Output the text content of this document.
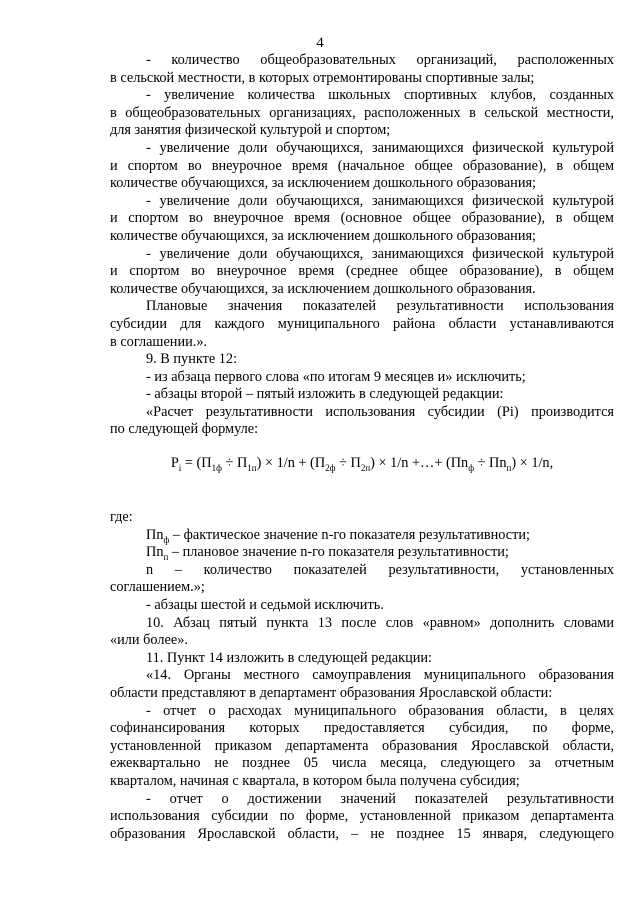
4
- количество общеобразовательных организаций, расположенных
в сельской местности, в которых отремонтированы спортивные залы;
- увеличение количества школьных спортивных клубов, созданных
в общеобразовательных организациях, расположенных в сельской местности,
для занятия физической культурой и спортом;
- увеличение доли обучающихся, занимающихся физической культурой
и спортом во внеурочное время (начальное общее образование), в общем
количестве обучающихся, за исключением дошкольного образования;
- увеличение доли обучающихся, занимающихся физической культурой
и спортом во внеурочное время (основное общее образование), в общем
количестве обучающихся, за исключением дошкольного образования;
- увеличение доли обучающихся, занимающихся физической культурой
и спортом во внеурочное время (среднее общее образование), в общем
количестве обучающихся, за исключением дошкольного образования.
Плановые значения показателей результативности использования
субсидии для каждого муниципального района области устанавливаются
в соглашении.».
9. В пункте 12:
- из абзаца первого слова «по итогам 9 месяцев и» исключить;
- абзацы второй – пятый изложить в следующей редакции:
«Расчет результативности использования субсидии (Pi) производится
по следующей формуле:
$P_i = (П_{1ф} \div П_{1п}) \times 1/n + (П_{2ф} \div П_{2п}) \times 1/n$ +…+ $(Пn_ф \div Пn_п) \times 1/n$,
где:
$Пn_ф$ – фактическое значение n-го показателя результативности;
$Пn_п$ – плановое значение n-го показателя результативности;
n – количество показателей результативности, установленных
соглашением.»;
- абзацы шестой и седьмой исключить.
10. Абзац пятый пункта 13 после слов «равном» дополнить словами
«или более».
11. Пункт 14 изложить в следующей редакции:
«14. Органы местного самоуправления муниципального образования
области представляют в департамент образования Ярославской области:
- отчет о расходах муниципального образования области, в целях
софинансирования которых предоставляется субсидия, по форме,
установленной приказом департамента образования Ярославской области,
ежеквартально не позднее 05 числа месяца, следующего за отчетным
кварталом, начиная с квартала, в котором была получена субсидия;
- отчет о достижении значений показателей результативности
использования субсидии по форме, установленной приказом департамента
образования Ярославской области, – не позднее 15 января, следующего
